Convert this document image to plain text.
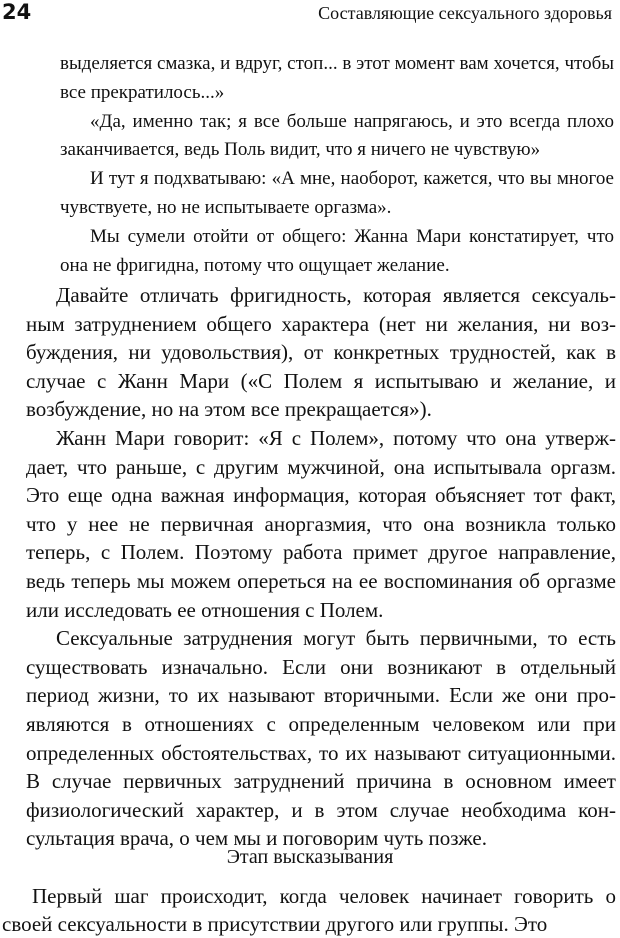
24	Составляющие сексуального здоровья

выделяется смазка, и вдруг, стоп... в этот момент вам хочется, чтобы все прекратилось...»

«Да, именно так; я все больше напрягаюсь, и это всегда плохо заканчивается, ведь Поль видит, что я ничего не чувствую»

И тут я подхватываю: «А мне, наоборот, кажется, что вы многое чувствуете, но не испытываете оргазма».

Мы сумели отойти от общего: Жанна Мари констатирует, что она не фригидна, потому что ощущает желание.

Давайте отличать фригидность, которая является сексуальным затруднением общего характера (нет ни желания, ни возбуждения, ни удовольствия), от конкретных трудностей, как в случае с Жанн Мари («С Полем я испытываю и желание, и возбуждение, но на этом все прекращается»).

Жанн Мари говорит: «Я с Полем», потому что она утверждает, что раньше, с другим мужчиной, она испытывала оргазм. Это еще одна важная информация, которая объясняет тот факт, что у нее не первичная аноргазмия, что она возникла только теперь, с Полем. Поэтому работа примет другое направление, ведь теперь мы можем опереться на ее воспоминания об оргазме или исследовать ее отношения с Полем.

Сексуальные затруднения могут быть первичными, то есть существовать изначально. Если они возникают в отдельный период жизни, то их называют вторичными. Если же они проявляются в отношениях с определенным человеком или при определенных обстоятельствах, то их называют ситуационными. В случае первичных затруднений причина в основном имеет физиологический характер, и в этом случае необходима консультация врача, о чем мы и поговорим чуть позже.

Этап высказывания

Первый шаг происходит, когда человек начинает говорить о своей сексуальности в присутствии другого или группы. Это
